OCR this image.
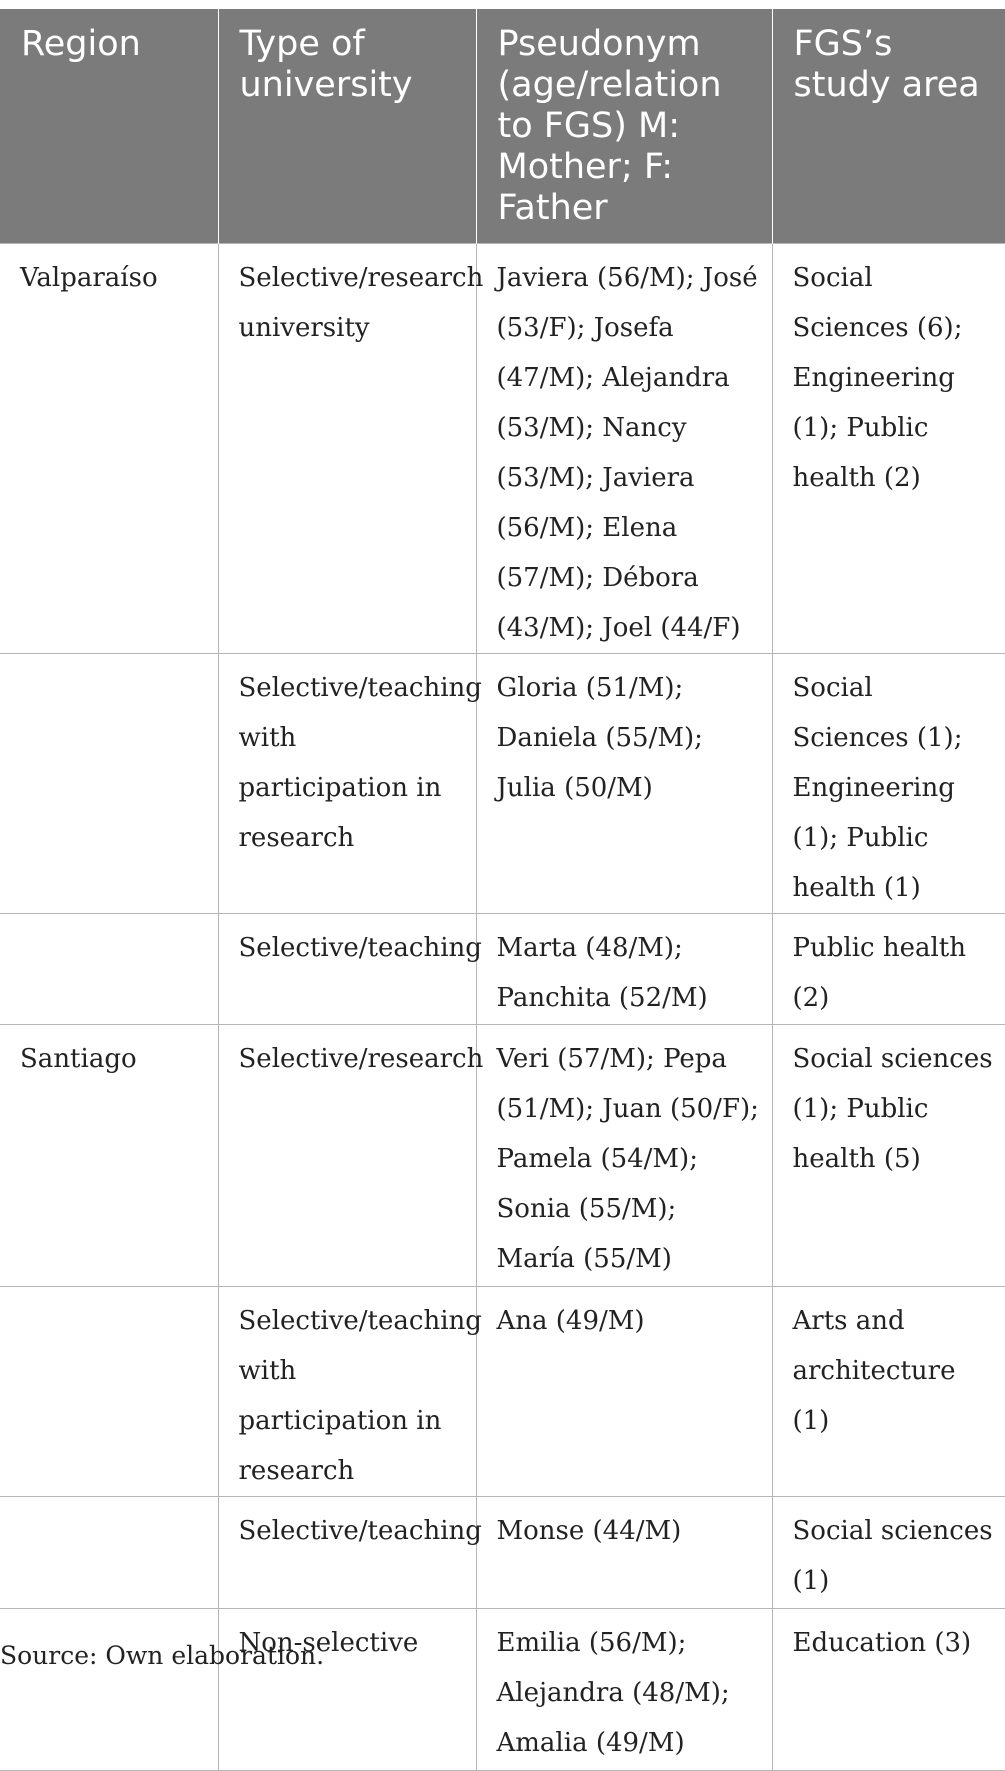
Region	Type of university	Pseudonym (age/relation to FGS) M: Mother; F: Father	FGS’s study area
Valparaíso	Selective/research university	Javiera (56/M); José (53/F); Josefa (47/M); Alejandra (53/M); Nancy (53/M); Javiera (56/M); Elena (57/M); Débora (43/M); Joel (44/F)	Social Sciences (6); Engineering (1); Public health (2)
	Selective/teaching with participation in research	Gloria (51/M); Daniela (55/M); Julia (50/M)	Social Sciences (1); Engineering (1); Public health (1)
	Selective/teaching	Marta (48/M); Panchita (52/M)	Public health (2)
Santiago	Selective/research	Veri (57/M); Pepa (51/M); Juan (50/F); Pamela (54/M); Sonia (55/M); María (55/M)	Social sciences (1); Public health (5)
	Selective/teaching with participation in research	Ana (49/M)	Arts and architecture (1)
	Selective/teaching	Monse (44/M)	Social sciences (1)
	Non-selective	Emilia (56/M); Alejandra (48/M); Amalia (49/M)	Education (3)
Source: Own elaboration.
